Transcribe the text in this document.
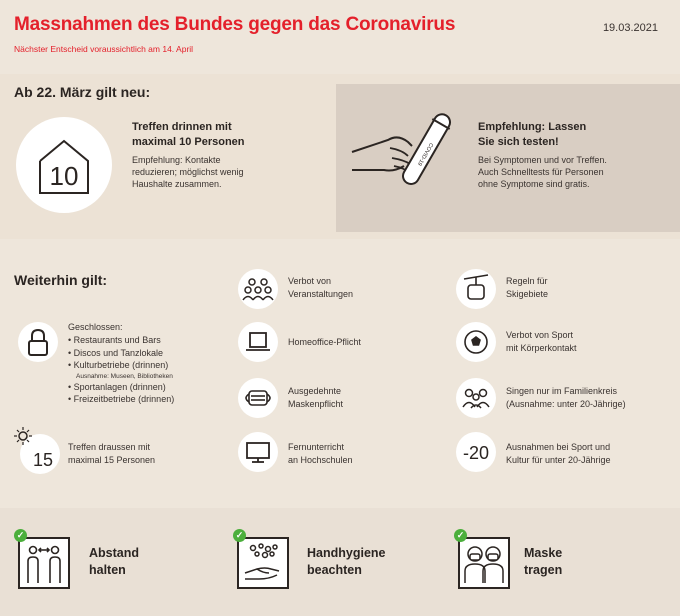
Massnahmen des Bundes gegen das Coronavirus
Nächster Entscheid voraussichtlich am 14. April
19.03.2021
Ab 22. März gilt neu:
10
Treffen drinnen mit
maximal 10 Personen
Empfehlung: Kontakte
reduzieren; möglichst wenig
Haushalte zusammen.
COVID-19
Empfehlung: Lassen
Sie sich testen!
Bei Symptomen und vor Treffen.
Auch Schnelltests für Personen
ohne Symptome sind gratis.
Weiterhin gilt:
Geschlossen:
• Restaurants und Bars
• Discos und Tanzlokale
• Kulturbetriebe (drinnen)
Ausnahme: Museen, Bibliotheken
• Sportanlagen (drinnen)
• Freizeitbetriebe (drinnen)
15
Treffen draussen mit
maximal 15 Personen
Verbot von
Veranstaltungen
Homeoffice-Pflicht
Ausgedehnte
Maskenpflicht
Fernunterricht
an Hochschulen
Regeln für
Skigebiete
Verbot von Sport
mit Körperkontakt
Singen nur im Familienkreis
(Ausnahme: unter 20-Jährige)
-20 Ausnahmen bei Sport und
Kultur für unter 20-Jährige
✓
Abstand
halten
✓
Handhygiene
beachten
✓
Maske
tragen
